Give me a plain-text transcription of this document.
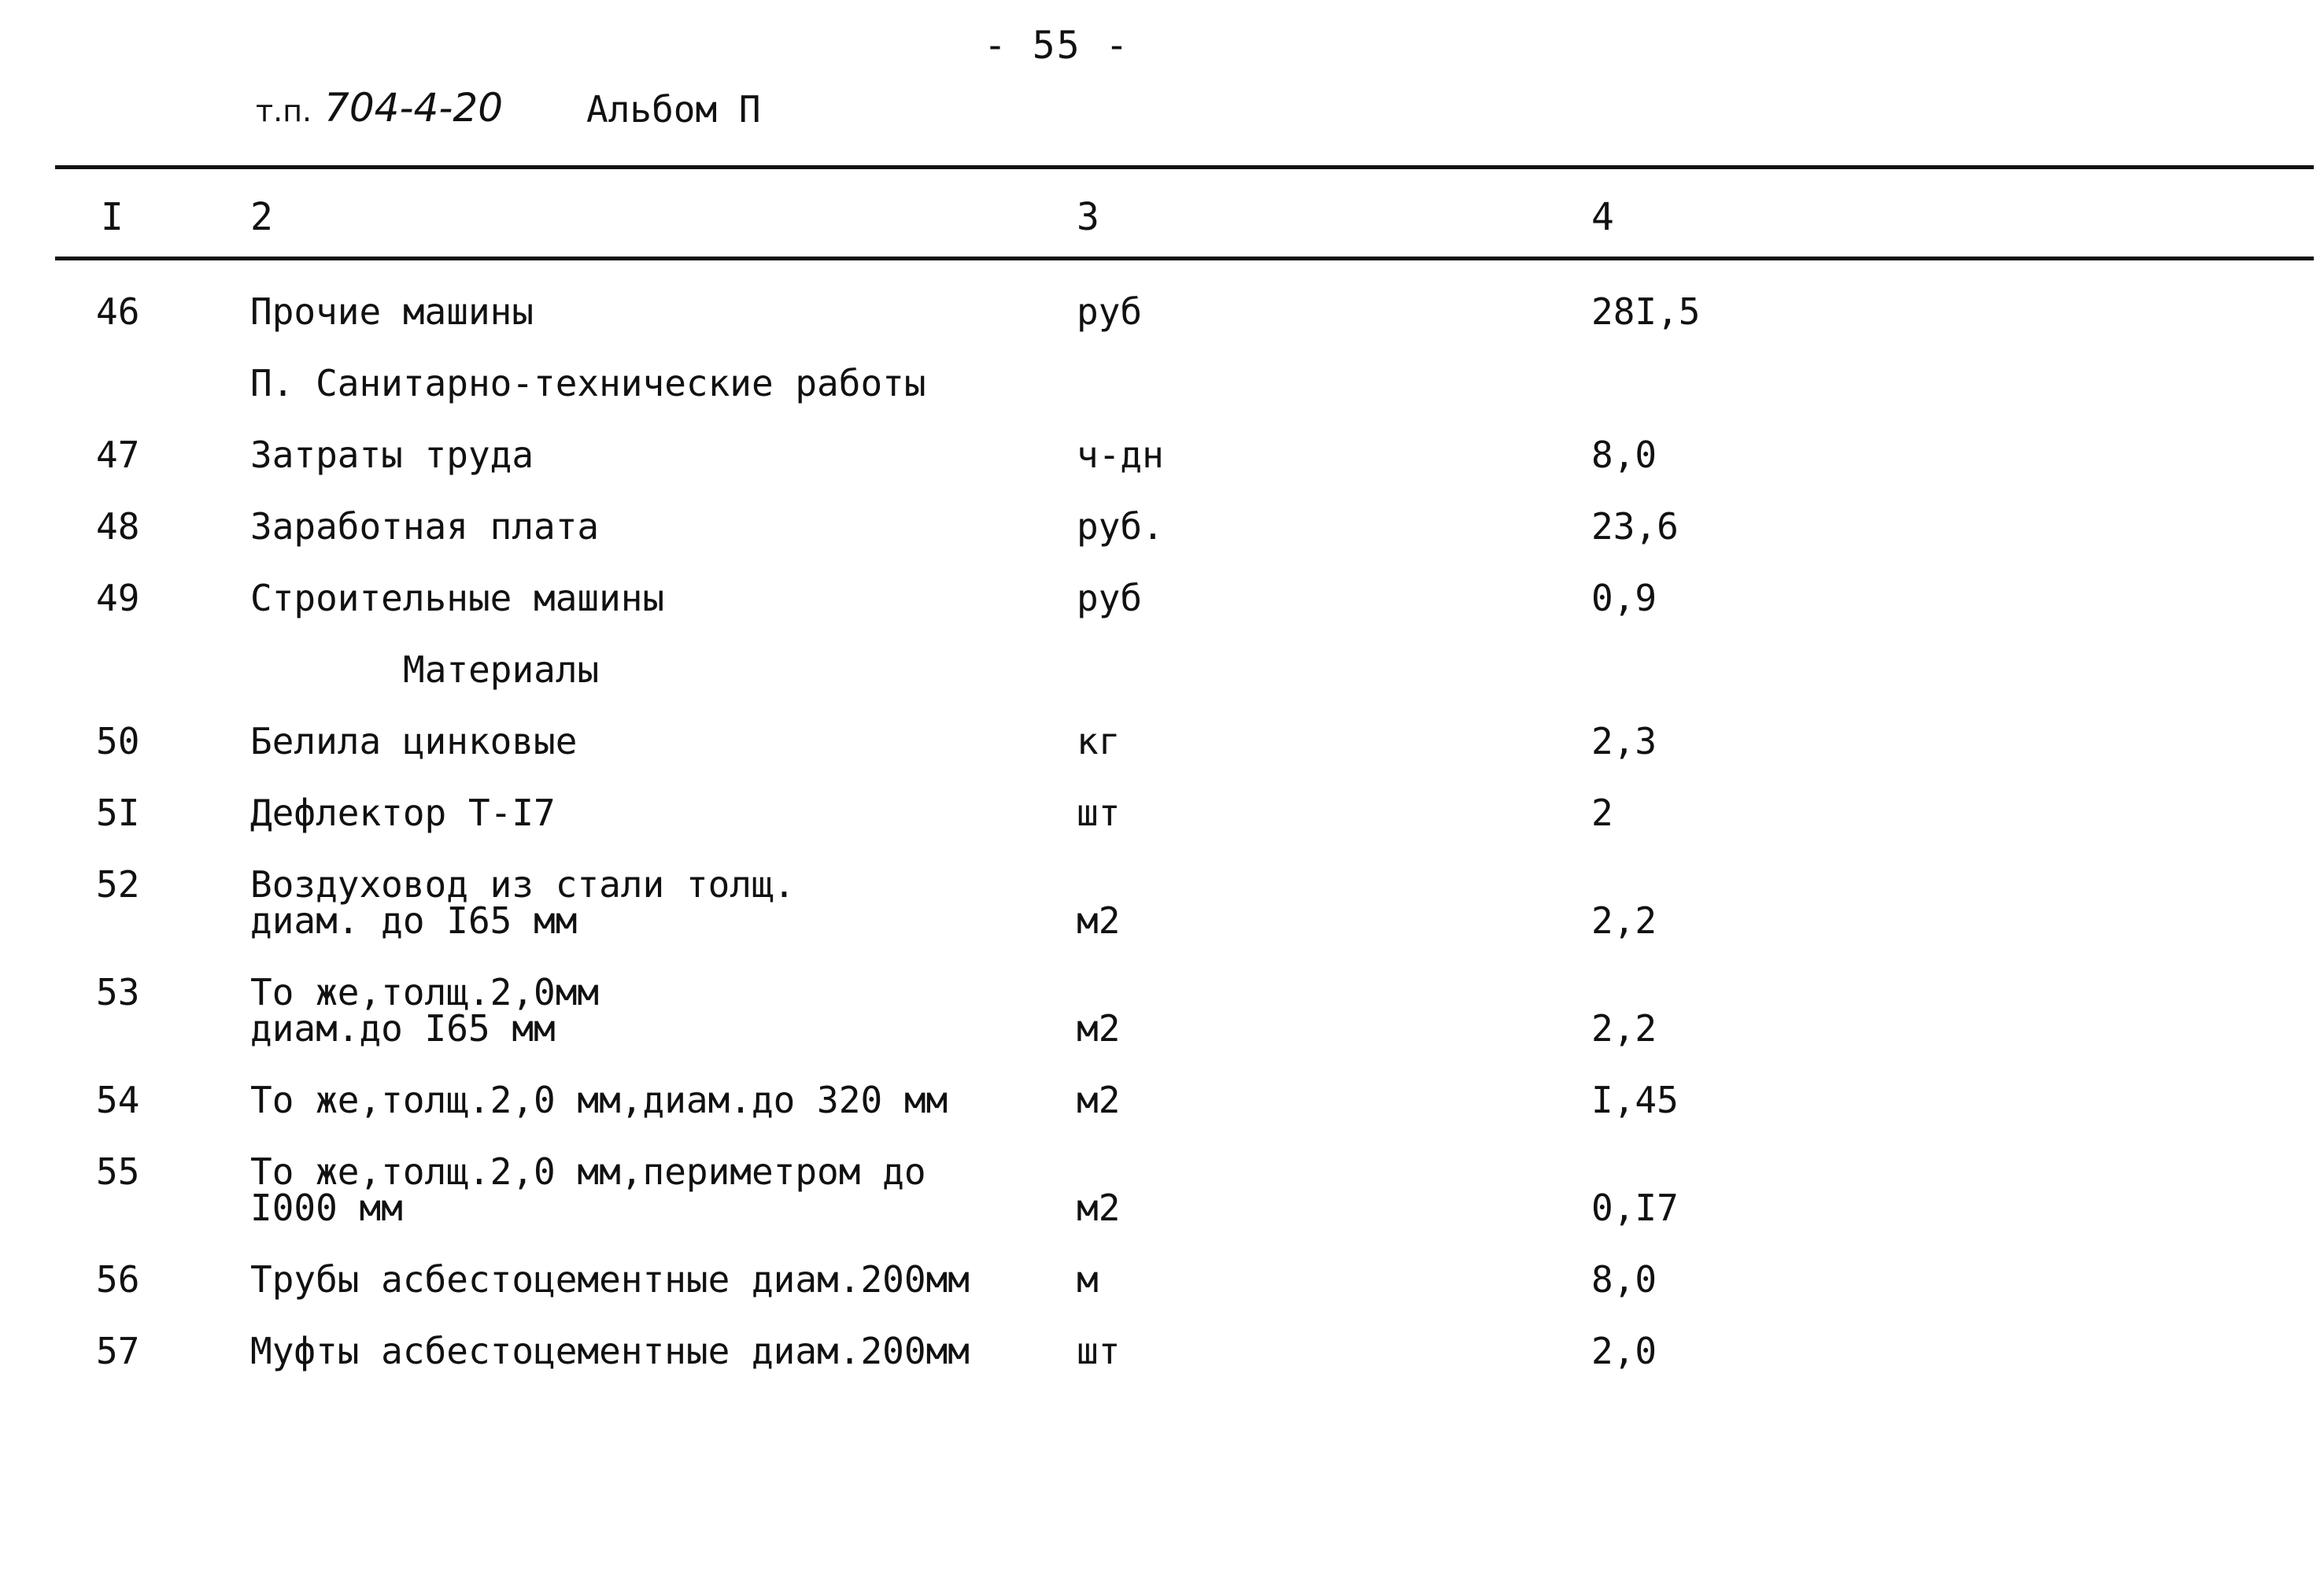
- 55 -
т.п. 704-4-20 Альбом П
I	2	3	4
46	Прочие машины	руб	28I,5
П. Санитарно-технические работы
47	Затраты труда	ч-дн	8,0
48	Заработная плата	руб.	23,6
49	Строительные машины	руб	0,9
Материалы
50	Белила цинковые	кг	2,3
5I	Дефлектор Т-I7	шт	2
52	Воздуховод из стали толщ.
диам. до I65 мм	м2	2,2
53	То же,толщ.2,0мм
диам.до I65 мм	м2	2,2
54	То же,толщ.2,0 мм,диам.до 320 мм	м2	I,45
55	То же,толщ.2,0 мм,периметром до
I000 мм	м2	0,I7
56	Трубы асбестоцементные диам.200мм	м	8,0
57	Муфты асбестоцементные диам.200мм	шт	2,0
